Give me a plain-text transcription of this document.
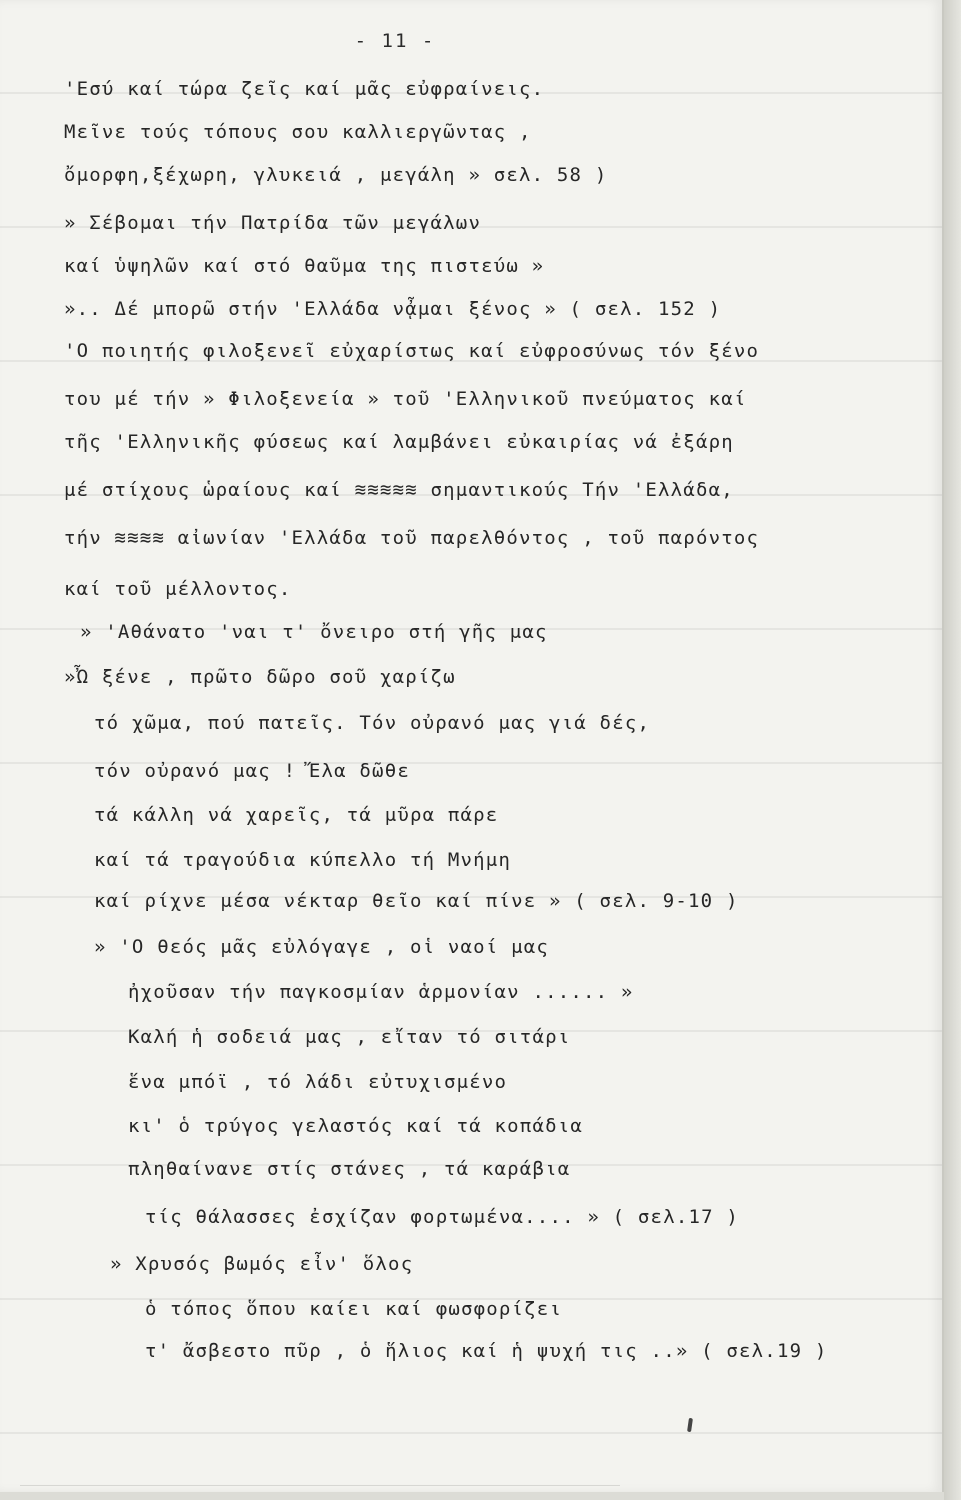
- 11 -
'Εσύ καί τώρα ζεῖς καί μᾶς εὐφραίνεις.
Μεῖνε τούς τόπους σου καλλιεργῶντας ,
ὄμορφη,ξέχωρη, γλυκειά , μεγάλη » σελ. 58 )
» Σέβομαι τήν Πατρίδα τῶν μεγάλων
καί ὑψηλῶν καί στό θαῦμα της πιστεύω »
».. Δέ μπορῶ στήν 'Ελλάδα νᾆμαι ξένος » ( σελ. 152 )
'Ο ποιητής φιλοξενεῖ εὐχαρίστως καί εὐφροσύνως τόν ξένο
του μέ τήν » Φιλοξενεία » τοῦ 'Ελληνικοῦ πνεύματος καί
τῆς 'Ελληνικῆς φύσεως καί λαμβάνει εὐκαιρίας νά ἐξάρη
μέ στίχους ὡραίους καί ≋≋≋≋≋ σημαντικούς Τήν 'Ελλάδα,
τήν ≋≋≋≋ αἰωνίαν 'Ελλάδα τοῦ παρελθόντος , τοῦ παρόντος
καί τοῦ μέλλοντος.
» 'Αθάνατο 'ναι τ' ὄνειρο στή γῆς μας
»Ὦ ξένε , πρῶτο δῶρο σοῦ χαρίζω
τό χῶμα, πού πατεῖς. Τόν οὐρανό μας γιά δές,
τόν οὐρανό μας ! Ἔλα δῶθε
τά κάλλη νά χαρεῖς, τά μῦρα πάρε
καί τά τραγούδια κύπελλο τή Μνήμη
καί ρίχνε μέσα νέκταρ θεῖο καί πίνε » ( σελ. 9-10 )
» 'Ο θεός μᾶς εὐλόγαγε , οἱ ναοί μας
ἠχοῦσαν τήν παγκοσμίαν ἁρμονίαν ...... »
Καλή ἡ σοδειά μας , εἴταν τό σιτάρι
ἕνα μπόϊ , τό λάδι εὐτυχισμένο
κι' ὁ τρύγος γελαστός καί τά κοπάδια
πληθαίνανε στίς στάνες , τά καράβια
τίς θάλασσες ἐσχίζαν φορτωμένα.... » ( σελ.17 )
» Χρυσός βωμός εἶν' ὅλος
ὁ τόπος ὅπου καίει καί φωσφορίζει
τ' ἄσβεστο πῦρ , ὁ ἥλιος καί ἡ ψυχή τις ..» ( σελ.19 )
